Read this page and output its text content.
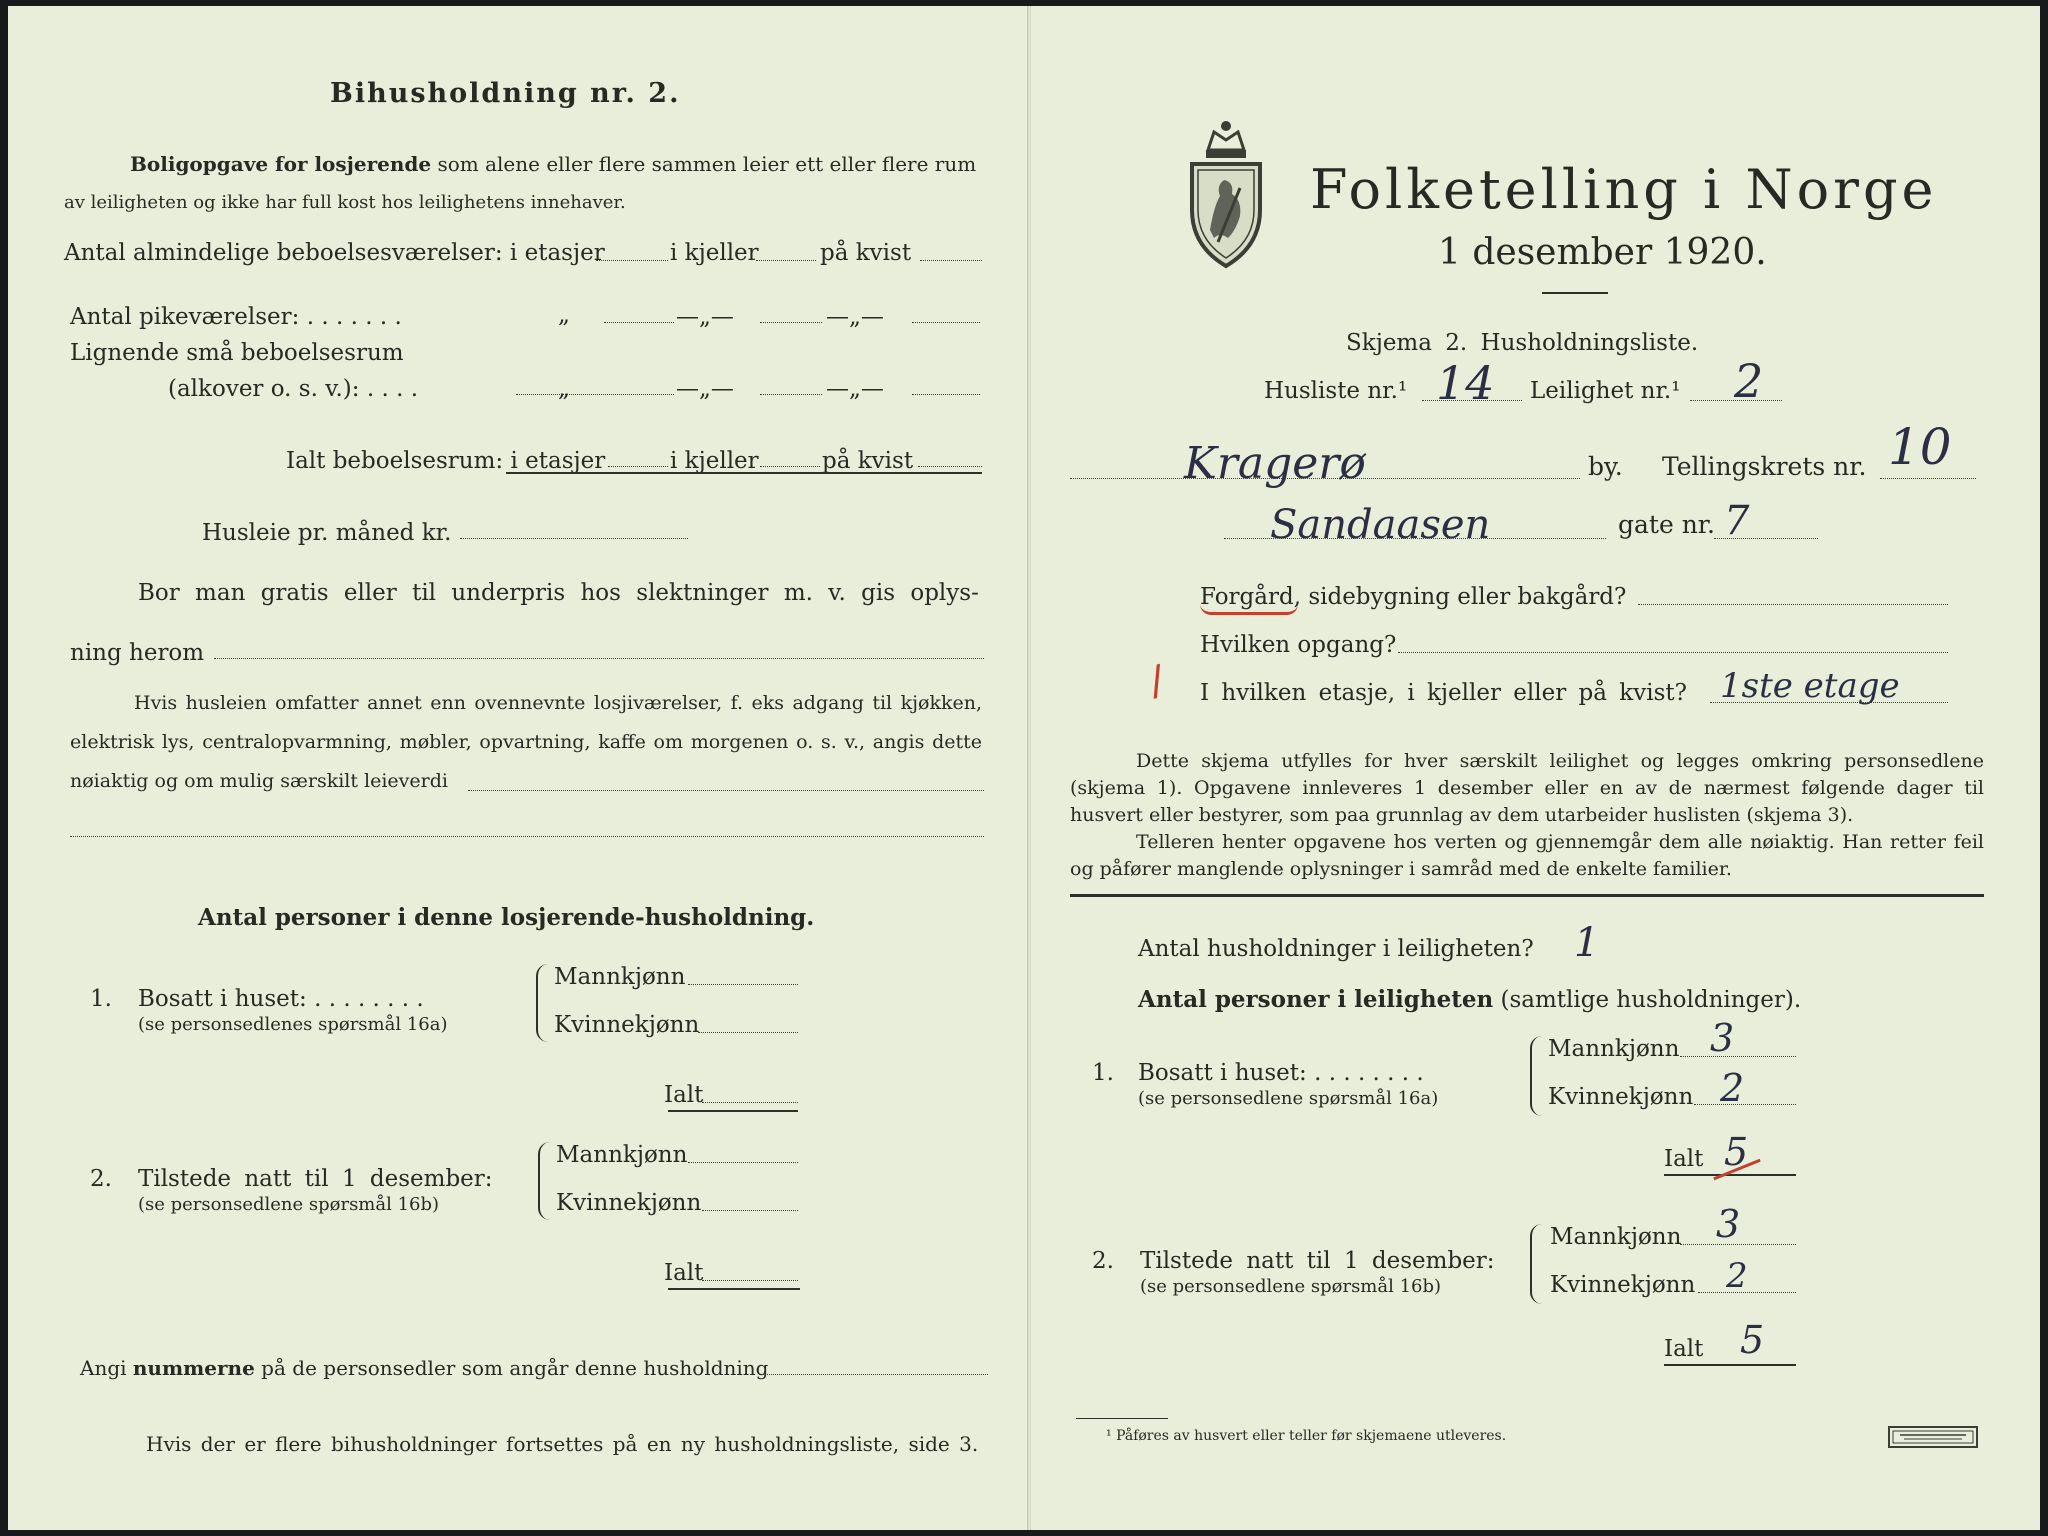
Bihusholdning nr. 2.
Boligopgave for losjerende som alene eller flere sammen leier ett eller flere rum
av leiligheten og ikke har full kost hos leilighetens innehaver.
Antal almindelige beboelsesværelser: i etasjer	i kjeller	på kvist
Antal pikeværelser: . . . . . . .	„	—„—	—„—
Lignende små beboelsesrum
(alkover o. s. v.): . . . .	„	—„—	—„—
Ialt beboelsesrum: i etasjer	i kjeller	på kvist
Husleie pr. måned kr.
Bor man gratis eller til underpris hos slektninger m. v. gis oplys-
ning herom
Hvis husleien omfatter annet enn ovennevnte losjiværelser, f. eks adgang til kjøkken, elektrisk lys, centralopvarmning, møbler, opvartning, kaffe om morgenen o. s. v., angis dette nøiaktig og om mulig særskilt leieverdi
Antal personer i denne losjerende-husholdning.
1. Bosatt i huset: . . . . . . . .
(se personsedlenes spørsmål 16a)
Mannkjønn
Kvinnekjønn
Ialt
2. Tilstede natt til 1 desember:
(se personsedlene spørsmål 16b)
Mannkjønn
Kvinnekjønn
Ialt
Angi nummerne på de personsedler som angår denne husholdning
Hvis der er flere bihusholdninger fortsettes på en ny husholdningsliste, side 3.
Folketelling i Norge
1 desember 1920.
Skjema 2. Husholdningsliste.
Husliste nr.¹ 14 Leilighet nr.¹ 2
Kragerø	by. Tellingskrets nr. 10
Sandaasen	gate nr. 7
Forgård, sidebygning eller bakgård?
Hvilken opgang?
/ I hvilken etasje, i kjeller eller på kvist? 1ste etage
Dette skjema utfylles for hver særskilt leilighet og legges omkring personsedlene (skjema 1). Opgavene innleveres 1 desember eller en av de nærmest følgende dager til husvert eller bestyrer, som paa grunnlag av dem utarbeider huslisten (skjema 3).
Telleren henter opgavene hos verten og gjennemgår dem alle nøiaktig. Han retter feil og påfører manglende oplysninger i samråd med de enkelte familier.
Antal husholdninger i leiligheten? 1
Antal personer i leiligheten (samtlige husholdninger).
1. Bosatt i huset: . . . . . . . .
(se personsedlene spørsmål 16a)
Mannkjønn 3
Kvinnekjønn 2
Ialt 5
2. Tilstede natt til 1 desember:
(se personsedlene spørsmål 16b)
Mannkjønn 3
Kvinnekjønn 2
Ialt 5
¹ Påføres av husvert eller teller før skjemaene utleveres.
